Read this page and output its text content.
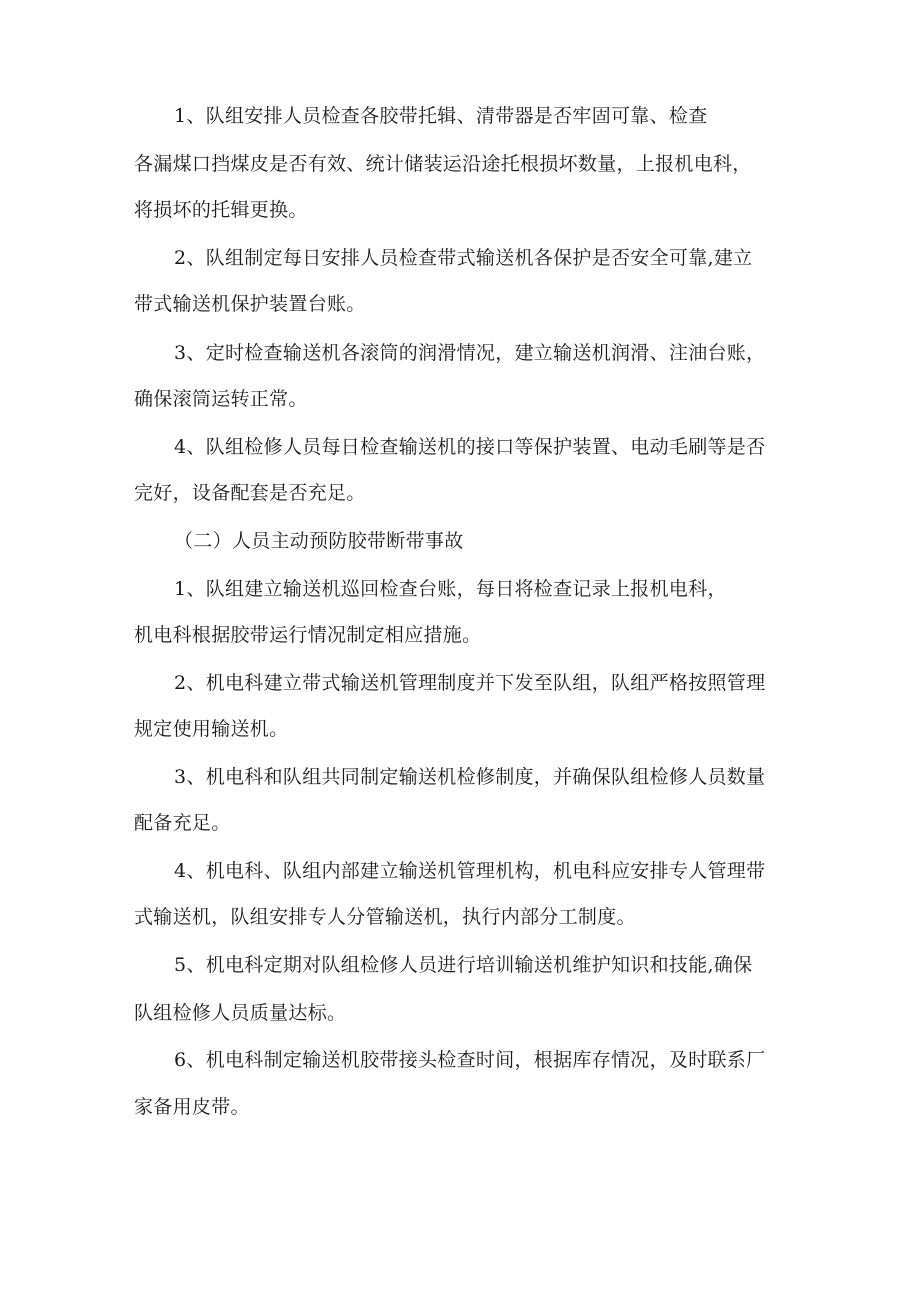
1、队组安排人员检查各胶带托辑、清带器是否牢固可靠、检查
各漏煤口挡煤皮是否有效、统计储装运沿途托根损坏数量，上报机电科，
将损坏的托辑更换。
2、队组制定每日安排人员检查带式输送机各保护是否安全可靠,建立
带式输送机保护装置台账。
3、定时检查输送机各滚筒的润滑情况，建立输送机润滑、注油台账，
确保滚筒运转正常。
4、队组检修人员每日检查输送机的接口等保护装置、电动毛刷等是否
完好，设备配套是否充足。
（二）人员主动预防胶带断带事故
1、队组建立输送机巡回检查台账，每日将检查记录上报机电科，
机电科根据胶带运行情况制定相应措施。
2、机电科建立带式输送机管理制度并下发至队组，队组严格按照管理
规定使用输送机。
3、机电科和队组共同制定输送机检修制度，并确保队组检修人员数量
配备充足。
4、机电科、队组内部建立输送机管理机构，机电科应安排专人管理带
式输送机，队组安排专人分管输送机，执行内部分工制度。
5、机电科定期对队组检修人员进行培训输送机维护知识和技能,确保
队组检修人员质量达标。
6、机电科制定输送机胶带接头检查时间，根据库存情况，及时联系厂
家备用皮带。
